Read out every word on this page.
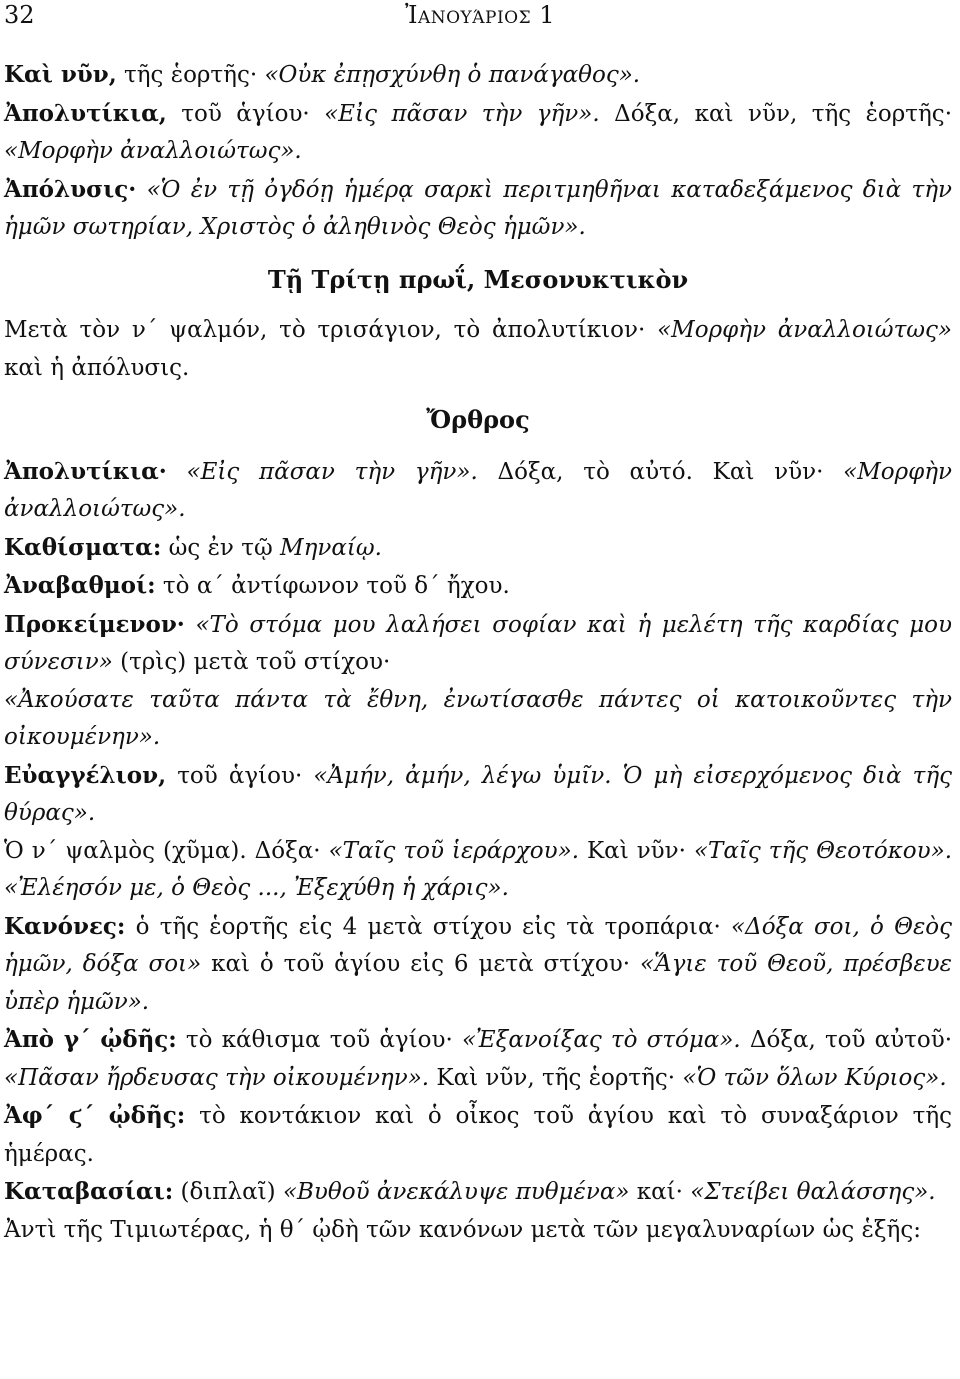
32	Ἰανουάριος 1

Καὶ νῦν, τῆς ἑορτῆς· «Οὐκ ἐπῃσχύνθη ὁ πανάγαθος».
Ἀπολυτίκια, τοῦ ἁγίου· «Εἰς πᾶσαν τὴν γῆν». Δόξα, καὶ νῦν, τῆς ἑορτῆς· «Μορφὴν ἀναλλοιώτως».
Ἀπόλυσις· «Ὁ ἐν τῇ ὀγδόῃ ἡμέρᾳ σαρκὶ περιτμηθῆναι καταδεξάμενος διὰ τὴν ἡμῶν σωτηρίαν, Χριστὸς ὁ ἀληθινὸς Θεὸς ἡμῶν».

Τῇ Τρίτῃ πρωΐ, Μεσονυκτικὸν

Μετὰ τὸν ν΄ ψαλμόν, τὸ τρισάγιον, τὸ ἀπολυτίκιον· «Μορφὴν ἀναλλοιώτως» καὶ ἡ ἀπόλυσις.

Ὄρθρος

Ἀπολυτίκια· «Εἰς πᾶσαν τὴν γῆν». Δόξα, τὸ αὐτό. Καὶ νῦν· «Μορφὴν ἀναλλοιώτως».

Καθίσματα: ὡς ἐν τῷ Μηναίῳ.

Ἀναβαθμοί: τὸ α΄ ἀντίφωνον τοῦ δ΄ ἤχου.

Προκείμενον· «Τὸ στόμα μου λαλήσει σοφίαν καὶ ἡ μελέτη τῆς καρδίας μου σύνεσιν» (τρὶς) μετὰ τοῦ στίχου·
«Ἀκούσατε ταῦτα πάντα τὰ ἔθνη, ἐνωτίσασθε πάντες οἱ κατοικοῦντες τὴν οἰκουμένην».

Εὐαγγέλιον, τοῦ ἁγίου· «Ἀμήν, ἀμήν, λέγω ὑμῖν. Ὁ μὴ εἰσερχόμενος διὰ τῆς θύρας».

Ὁ ν΄ ψαλμὸς (χῦμα). Δόξα· «Ταῖς τοῦ ἱεράρχου». Καὶ νῦν· «Ταῖς τῆς Θεοτόκου». «Ἐλέησόν με, ὁ Θεὸς ..., Ἐξεχύθη ἡ χάρις».

Κανόνες: ὁ τῆς ἑορτῆς εἰς 4 μετὰ στίχου εἰς τὰ τροπάρια· «Δόξα σοι, ὁ Θεὸς ἡμῶν, δόξα σοι» καὶ ὁ τοῦ ἁγίου εἰς 6 μετὰ στίχου· «Ἅγιε τοῦ Θεοῦ, πρέσβευε ὑπὲρ ἡμῶν».

Ἀπὸ γ΄ ᾠδῆς: τὸ κάθισμα τοῦ ἁγίου· «Ἐξανοίξας τὸ στόμα». Δόξα, τοῦ αὐτοῦ· «Πᾶσαν ἤρδευσας τὴν οἰκουμένην». Καὶ νῦν, τῆς ἑορτῆς· «Ὁ τῶν ὅλων Κύριος».

Ἀφ΄ ϛ΄ ᾠδῆς: τὸ κοντάκιον καὶ ὁ οἶκος τοῦ ἁγίου καὶ τὸ συναξάριον τῆς ἡμέρας.

Καταβασίαι: (διπλαῖ) «Βυθοῦ ἀνεκάλυψε πυθμένα» καί· «Στείβει θαλάσσης».

Ἀντὶ τῆς Τιμιωτέρας, ἡ θ΄ ᾠδὴ τῶν κανόνων μετὰ τῶν μεγαλυναρίων ὡς ἑξῆς:
